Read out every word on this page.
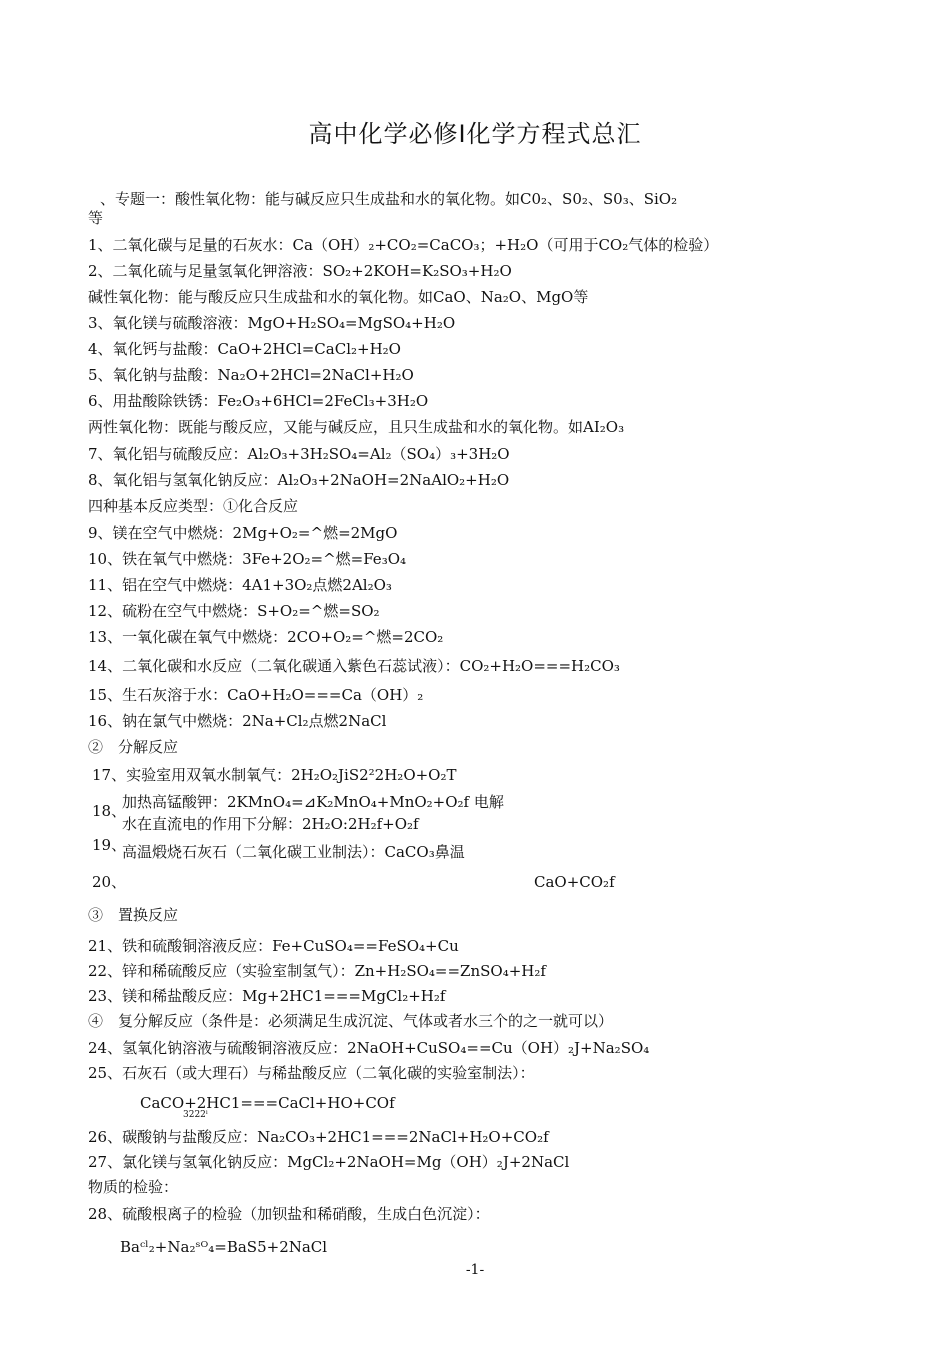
高中化学必修Ⅰ化学方程式总汇
、专题一：酸性氧化物：能与碱反应只生成盐和水的氧化物。如C0₂、S0₂、S0₃、SiO₂
等
1、二氧化碳与足量的石灰水：Ca（OH）₂+CO₂=CaCO₃；+H₂O（可用于CO₂气体的检验）
2、二氧化硫与足量氢氧化钾溶液：SO₂+2KOH=K₂SO₃+H₂O
碱性氧化物：能与酸反应只生成盐和水的氧化物。如CaO、Na₂O、MgO等
3、氧化镁与硫酸溶液：MgO+H₂SO₄=MgSO₄+H₂O
4、氧化钙与盐酸：CaO+2HCl=CaCl₂+H₂O
5、氧化钠与盐酸：Na₂O+2HCl=2NaCl+H₂O
6、用盐酸除铁锈：Fe₂O₃+6HCl=2FeCl₃+3H₂O
两性氧化物：既能与酸反应，又能与碱反应，且只生成盐和水的氧化物。如AI₂O₃
7、氧化铝与硫酸反应：Al₂O₃+3H₂SO₄=Al₂（SO₄）₃+3H₂O
8、氧化铝与氢氧化钠反应：Al₂O₃+2NaOH=2NaAlO₂+H₂O
四种基本反应类型：①化合反应
9、镁在空气中燃烧：2Mg+O₂=^燃=2MgO
10、铁在氧气中燃烧：3Fe+2O₂=^燃=Fe₃O₄
11、铝在空气中燃烧：4A1+3O₂点燃2Al₂O₃
12、硫粉在空气中燃烧：S+O₂=^燃=SO₂
13、一氧化碳在氧气中燃烧：2CO+O₂=^燃=2CO₂
14、二氧化碳和水反应（二氧化碳通入紫色石蕊试液）：CO₂+H₂O===H₂CO₃
15、生石灰溶于水：CaO+H₂O===Ca（OH）₂
16、钠在氯气中燃烧：2Na+Cl₂点燃2NaCl
②　分解反应
17、实验室用双氧水制氧气：2H₂O₂JiS2²2H₂O+O₂T
18、
加热高锰酸钾：2KMnO₄=⊿K₂MnO₄+MnO₂+O₂f 电解
水在直流电的作用下分解：2H₂O:2H₂f+O₂f
19、
高温煅烧石灰石（二氧化碳工业制法）：CaCO₃鼻温
20、	CaO+CO₂f
③　置换反应
21、铁和硫酸铜溶液反应：Fe+CuSO₄==FeSO₄+Cu
22、锌和稀硫酸反应（实验室制氢气）：Zn+H₂SO₄==ZnSO₄+H₂f
23、镁和稀盐酸反应：Mg+2HC1===MgCl₂+H₂f
④　复分解反应（条件是：必须满足生成沉淀、气体或者水三个的之一就可以）
24、氢氧化钠溶液与硫酸铜溶液反应：2NaOH+CuSO₄==Cu（OH）₂J+Na₂SO₄
25、石灰石（或大理石）与稀盐酸反应（二氧化碳的实验室制法）：
CaCO+2HC1===CaCl+HO+COf
3222ˡ
26、碳酸钠与盐酸反应：Na₂CO₃+2HC1===2NaCl+H₂O+CO₂f
27、氯化镁与氢氧化钠反应：MgCl₂+2NaOH=Mg（OH）₂J+2NaCl
物质的检验：
28、硫酸根离子的检验（加钡盐和稀硝酸，生成白色沉淀）：
Baᶜˡ₂+Na₂ˢᴼ₄=BaS5+2NaCl
-1-
